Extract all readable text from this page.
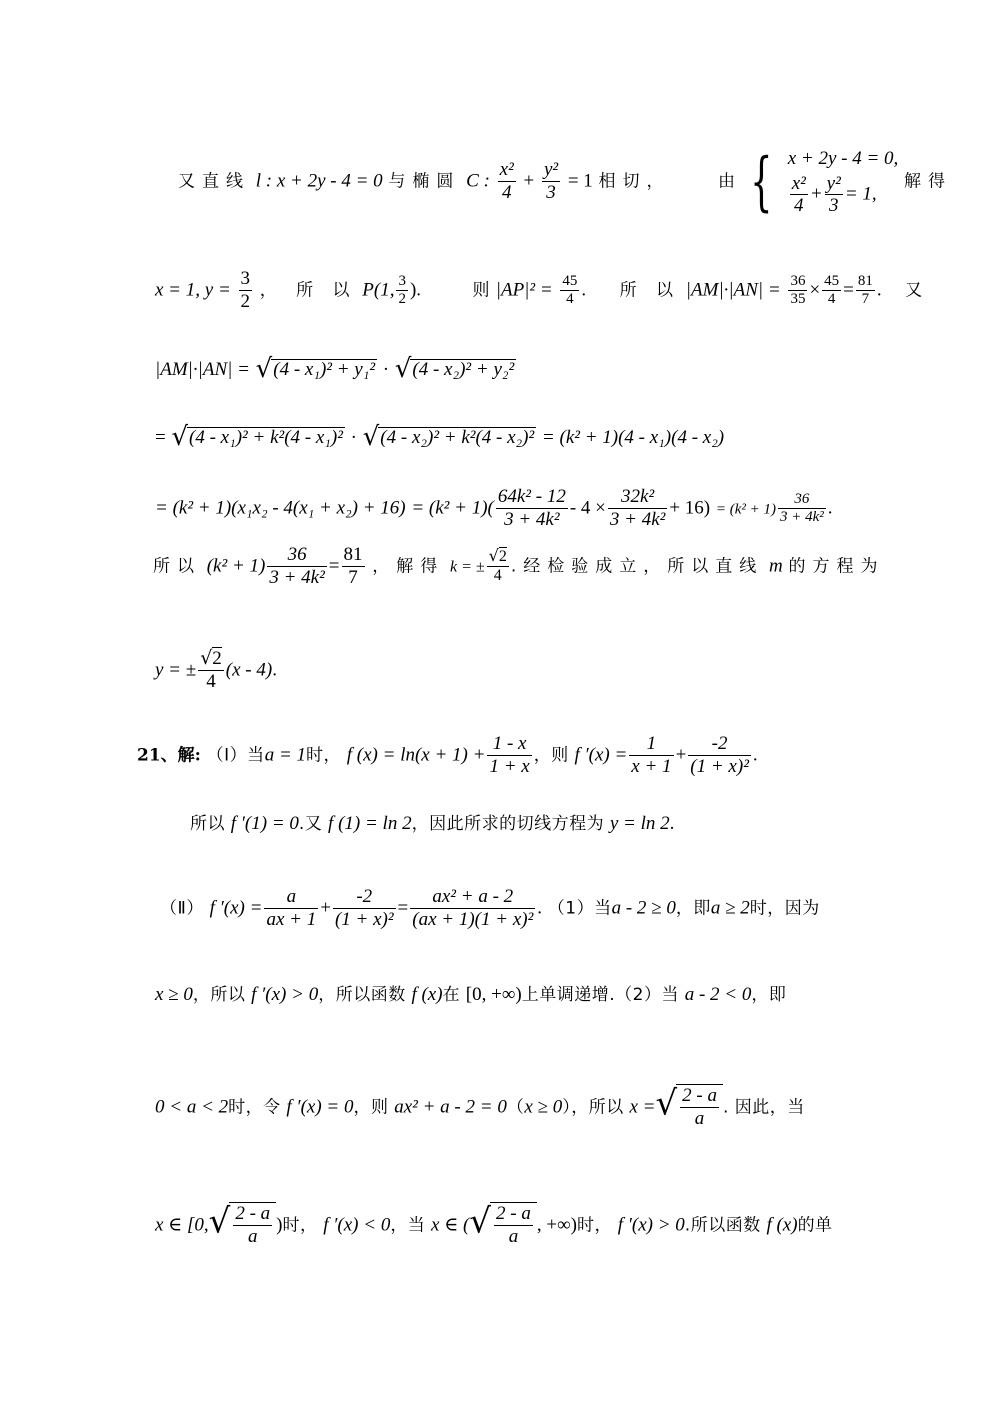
又直线 l : x + 2y - 4 = 0 与椭圆 C : $\frac{\text{x²}}{4} + \frac{\text{y²}}{3} = 1$ 相切，	由 { x + 2y - 4 = 0,
$\frac{\text{x²}}{4} + \frac{\text{y²}}{3} = 1$,
解得
x = 1, $y = \frac{3}{2}$ ， 所 以 P(1, $\frac{3}{2}$ ).	则 $|AP|^2 = \frac{45}{4}$ . 所 以 $|AM|\cdot|AN| = \frac{36}{35} \times \frac{45}{4} = \frac{81}{7}$ . 又
|AM|·|AN| = √(4 - x₁)² + y₁² · √(4 - x₂)² + y₂²
= √(4 - x₁)² + k²(4 - x₁)² · √(4 - x₂)² + k²(4 - x₂)² = (k² + 1)(4 - x₁)(4 - x₂)
= $(k^2 + 1)(x_1x_2 - 4(x_1 + x_2) + 16) = (k^2 + 1)( \frac{\text{64k² - 12}}{\text{3 + 4k²}} - 4 \times \frac{\text{32k²}}{\text{3 + 4k²}} + 16) = (k^2 + 1) \frac{36}{\text{3 + 4k²}}$ .
所以 $(k^2 + 1) \frac{36}{\text{3 + 4k²}} = \frac{81}{7}$ ，解得 k = ± $\frac{√2}{4}$ .经检验成立，所以直线 m 的方程为
y = ± $\frac{√2}{4} (x - 4)$.
21、解: （Ⅰ）当a = 1时， f $(x) = \ln(x + 1) + \frac{1 - x}{1 + x}$ ，则 f $'(x) = \frac{1}{x + 1} + \frac{-2}{\text{(1 + x)²}}$ .
所以 f ′(1) = 0.又 f (1) = ln 2，因此所求的切线方程为 y = ln 2.
（Ⅱ） f $'(x) = \frac{a}{ax + 1} + \frac{-2}{\text{(1 + x)²}} = \frac{\text{ax² + a - 2}}{\text{(ax + 1)(1 + x)²}}$ . （1）当a - 2 ≥ 0，即a ≥ 2时，因为
x ≥ 0，所以 f ′(x) > 0，所以函数 f (x)在 [0, +∞)上单调递增.（2）当 a - 2 < 0，即
0 < a < 2时，令 f ′(x) = 0，则 ax² + a - 2 = 0（x ≥ 0），所以 x =√ $\frac{2 - a}{a}$ . 因此，当
x ∈ [$0,√ \frac{2 - a}{a}$ )时， f ′(x) < 0，当 x ∈ (√ $\frac{2 - a}{a}$ , +∞)时， f ′(x) > 0.所以函数 f (x)的单
